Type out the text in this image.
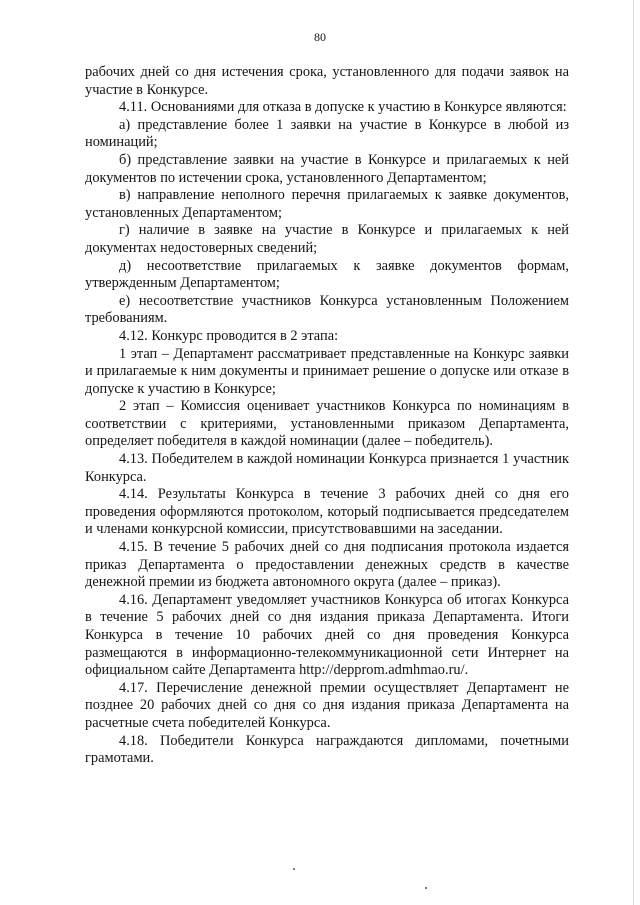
80

рабочих дней со дня истечения срока, установленного для подачи заявок на участие в Конкурсе.

4.11. Основаниями для отказа в допуске к участию в Конкурсе являются:

а) представление более 1 заявки на участие в Конкурсе в любой из номинаций;

б) представление заявки на участие в Конкурсе и прилагаемых к ней документов по истечении срока, установленного Департаментом;

в) направление неполного перечня прилагаемых к заявке документов, установленных Департаментом;

г) наличие в заявке на участие в Конкурсе и прилагаемых к ней документах недостоверных сведений;

д) несоответствие прилагаемых к заявке документов формам, утвержденным Департаментом;

е) несоответствие участников Конкурса установленным Положением требованиям.

4.12. Конкурс проводится в 2 этапа:

1 этап – Департамент рассматривает представленные на Конкурс заявки и прилагаемые к ним документы и принимает решение о допуске или отказе в допуске к участию в Конкурсе;

2 этап – Комиссия оценивает участников Конкурса по номинациям в соответствии с критериями, установленными приказом Департамента, определяет победителя в каждой номинации (далее – победитель).

4.13. Победителем в каждой номинации Конкурса признается 1 участник Конкурса.

4.14. Результаты Конкурса в течение 3 рабочих дней со дня его проведения оформляются протоколом, который подписывается председателем и членами конкурсной комиссии, присутствовавшими на заседании.

4.15. В течение 5 рабочих дней со дня подписания протокола издается приказ Департамента о предоставлении денежных средств в качестве денежной премии из бюджета автономного округа (далее – приказ).

4.16. Департамент уведомляет участников Конкурса об итогах Конкурса в течение 5 рабочих дней со дня издания приказа Департамента. Итоги Конкурса в течение 10 рабочих дней со дня проведения Конкурса размещаются в информационно-телекоммуникационной сети Интернет на официальном сайте Департамента http://depprom.admhmao.ru/.

4.17. Перечисление денежной премии осуществляет Департамент не позднее 20 рабочих дней со дня со дня издания приказа Департамента на расчетные счета победителей Конкурса.

4.18. Победители Конкурса награждаются дипломами, почетными грамотами.
